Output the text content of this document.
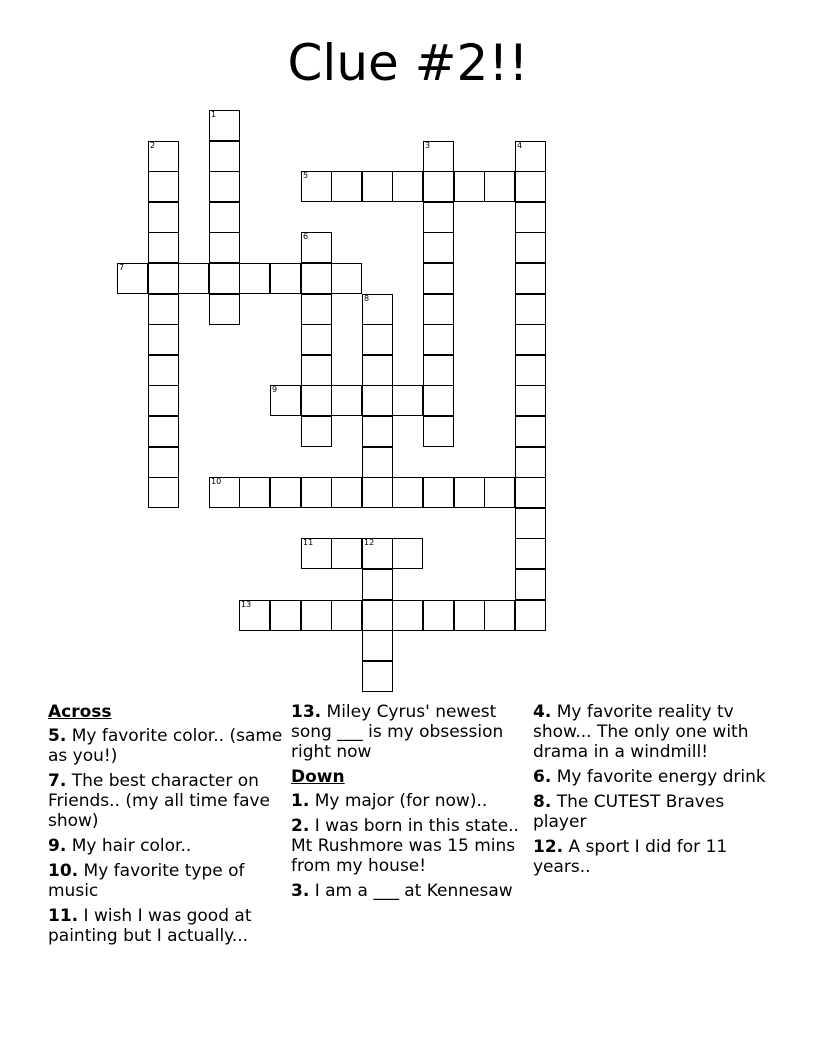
Clue #2!!
1
2	3	4
5
6
7
8
9
10
11	12
13
Across
5. My favorite color.. (same as you!)
7. The best character on Friends.. (my all time fave show)
9. My hair color..
10. My favorite type of music
11. I wish I was good at painting but I actually...
13. Miley Cyrus' newest song ___ is my obsession right now
Down
1. My major (for now)..
2. I was born in this state.. Mt Rushmore was 15 mins from my house!
3. I am a ___ at Kennesaw
4. My favorite reality tv show... The only one with drama in a windmill!
6. My favorite energy drink
8. The CUTEST Braves player
12. A sport I did for 11 years..
